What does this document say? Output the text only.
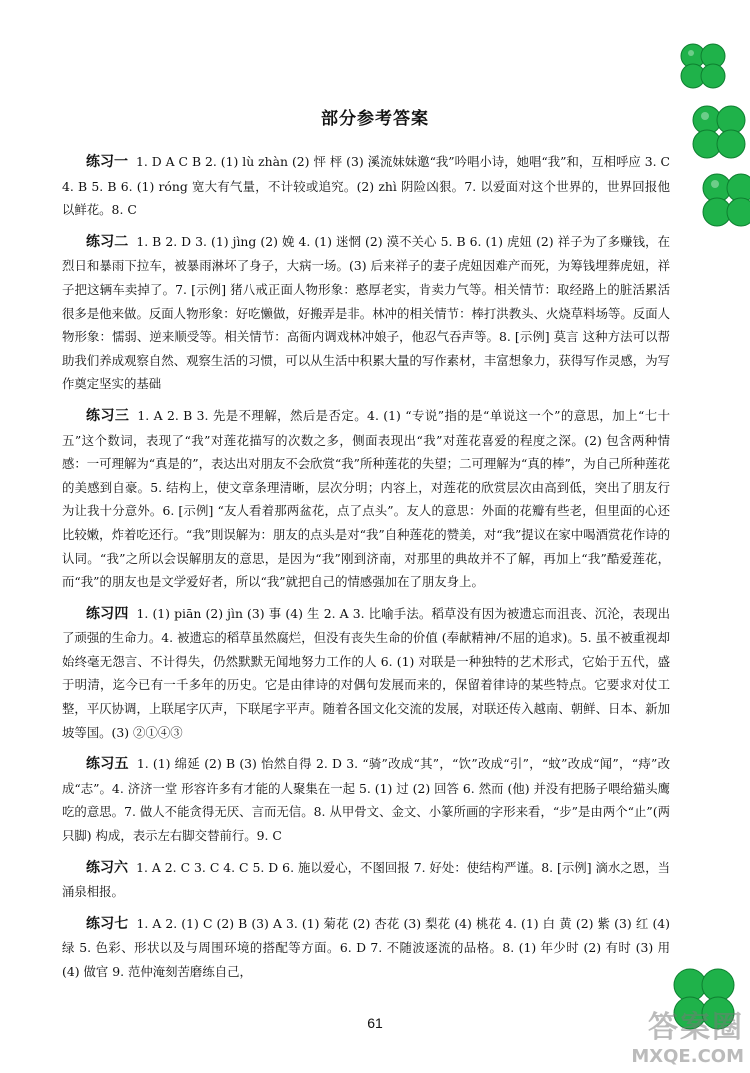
部分参考答案

练习一 1. D A C B 2. (1) lù zhàn (2) 怦 枰 (3) 溪流妹妹邀“我”吟唱小诗，她唱“我”和，互相呼应 3. C 4. B 5. B 6. (1) róng 宽大有气量，不计较或追究。(2) zhì 阴险凶狠。7. 以爱面对这个世界的，世界回报他以鲜花。8. C

练习二 1. B 2. D 3. (1) jìng (2) 娩 4. (1) 迷惘 (2) 漠不关心 5. B 6. (1) 虎妞 (2) 祥子为了多赚钱，在烈日和暴雨下拉车，被暴雨淋坏了身子，大病一场。(3) 后来祥子的妻子虎妞因难产而死，为筹钱埋葬虎妞，祥子把这辆车卖掉了。7. [示例] 猪八戒正面人物形象：憨厚老实，肯卖力气等。相关情节：取经路上的脏活累活很多是他来做。反面人物形象：好吃懒做，好搬弄是非。林冲的相关情节：棒打洪教头、火烧草料场等。反面人物形象：懦弱、逆来顺受等。相关情节：高衙内调戏林冲娘子，他忍气吞声等。8. [示例] 莫言 这种方法可以帮助我们养成观察自然、观察生活的习惯，可以从生活中积累大量的写作素材，丰富想象力，获得写作灵感，为写作奠定坚实的基础

练习三 1. A 2. B 3. 先是不理解，然后是否定。4. (1) “专说”指的是“单说这一个”的意思，加上“七十五”这个数词，表现了“我”对莲花描写的次数之多，侧面表现出“我”对莲花喜爱的程度之深。(2) 包含两种情感：一可理解为“真是的”，表达出对朋友不会欣赏“我”所种莲花的失望；二可理解为“真的棒”，为自己所种莲花的美感到自豪。5. 结构上，使文章条理清晰，层次分明；内容上，对莲花的欣赏层次由高到低，突出了朋友行为让我十分意外。6. [示例] “友人看着那两盆花，点了点头”。友人的意思：外面的花瓣有些老，但里面的心还比较嫩，炸着吃还行。“我”則误解为：朋友的点头是对“我”自种莲花的赞美，对“我”提议在家中喝酒赏花作诗的认同。“我”之所以会误解朋友的意思，是因为“我”刚到济南，对那里的典故并不了解，再加上“我”酷爱莲花，而“我”的朋友也是文学爱好者，所以“我”就把自己的情感强加在了朋友身上。

练习四 1. (1) piān (2) jìn (3) 事 (4) 生 2. A 3. 比喻手法。稻草没有因为被遗忘而沮丧、沉沦，表现出了顽强的生命力。4. 被遗忘的稻草虽然腐烂，但没有丧失生命的价值 (奉献精神/不屈的追求)。5. 虽不被重视却始终毫无怨言、不计得失，仍然默默无闻地努力工作的人 6. (1) 对联是一种独特的艺术形式，它始于五代，盛于明清，迄今已有一千多年的历史。它是由律诗的对偶句发展而来的，保留着律诗的某些特点。它要求对仗工整，平仄协调，上联尾字仄声，下联尾字平声。随着各国文化交流的发展，对联还传入越南、朝鲜、日本、新加坡等国。(3) ②①④③

练习五 1. (1) 绵延 (2) B (3) 怡然自得 2. D 3. “骑”改成“其”，“饮”改成“引”，“蚊”改成“闻”，“痔”改成“志”。4. 济济一堂 形容许多有才能的人聚集在一起 5. (1) 过 (2) 回答 6. 然而 (他) 并没有把肠子喂给猫头鹰吃的意思。7. 做人不能贪得无厌、言而无信。8. 从甲骨文、金文、小篆所画的字形来看，“步”是由两个“止”(两只脚) 构成，表示左右脚交替前行。9. C

练习六 1. A 2. C 3. C 4. C 5. D 6. 施以爱心，不图回报 7. 好处：使结构严谨。8. [示例] 滴水之恩，当涌泉相报。

练习七 1. A 2. (1) C (2) B (3) A 3. (1) 菊花 (2) 杏花 (3) 梨花 (4) 桃花 4. (1) 白 黄 (2) 紫 (3) 红 (4) 绿 5. 色彩、形状以及与周围环境的搭配等方面。6. D 7. 不随波逐流的品格。8. (1) 年少时 (2) 有时 (3) 用 (4) 做官 9. 范仲淹刻苦磨练自己，

61	答案圈
MXQE.COM
